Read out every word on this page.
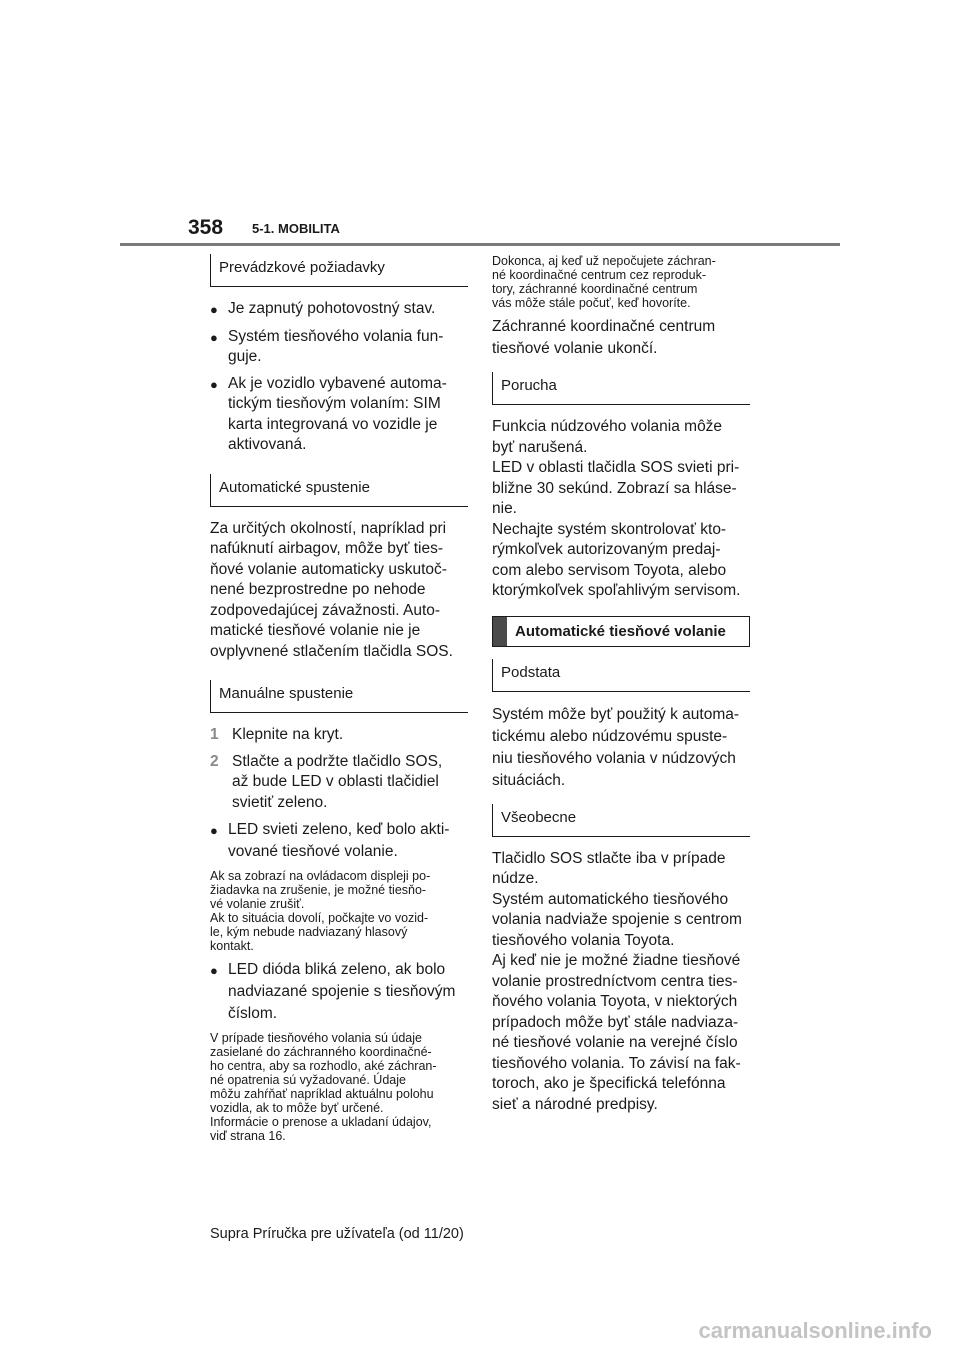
358 5-1. MOBILITA
Prevádzkové požiadavky
● Je zapnutý pohotovostný stav.
● Systém tiesňového volania fun-
guje.
● Ak je vozidlo vybavené automa-
tickým tiesňovým volaním: SIM
karta integrovaná vo vozidle je
aktivovaná.
Automatické spustenie

Za určitých okolností, napríklad pri
nafúknutí airbagov, môže byť ties-
ňové volanie automaticky uskutoč-
nené bezprostredne po nehode
zodpovedajúcej závažnosti. Auto-
matické tiesňové volanie nie je
ovplyvnené stlačením tlačidla SOS.

Manuálne spustenie
1 Klepnite na kryt.
2 Stlačte a podržte tlačidlo SOS,
až bude LED v oblasti tlačidiel
svietiť zeleno.
● LED svieti zeleno, keď bolo akti-
vované tiesňové volanie.

Ak sa zobrazí na ovládacom displeji po-
žiadavka na zrušenie, je možné tiesňo-
vé volanie zrušiť.

Ak to situácia dovolí, počkajte vo vozid-
le, kým nebude nadviazaný hlasový
kontakt.

● LED dióda bliká zeleno, ak bolo
nadviazané spojenie s tiesňovým
číslom.

V prípade tiesňového volania sú údaje
zasielané do záchranného koordinačné-
ho centra, aby sa rozhodlo, aké záchran-
né opatrenia sú vyžadované. Údaje
môžu zahŕňať napríklad aktuálnu polohu
vozidla, ak to môže byť určené.

Informácie o prenose a ukladaní údajov,
viď strana 16.

Dokonca, aj keď už nepočujete záchran-
né koordinačné centrum cez reproduk-
tory, záchranné koordinačné centrum
vás môže stále počuť, keď hovoríte.

Záchranné koordinačné centrum
tiesňové volanie ukončí.

Porucha

Funkcia núdzového volania môže
byť narušená.

LED v oblasti tlačidla SOS svieti pri-
bližne 30 sekúnd. Zobrazí sa hláse-
nie.

Nechajte systém skontrolovať kto-
rýmkoľvek autorizovaným predaj-
com alebo servisom Toyota, alebo
ktorýmkoľvek spoľahlivým servisom.

Automatické tiesňové volanie
Podstata

Systém môže byť použitý k automa-
tickému alebo núdzovému spuste-
niu tiesňového volania v núdzových
situáciách.

Všeobecne

Tlačidlo SOS stlačte iba v prípade
núdze.

Systém automatického tiesňového
volania nadviaže spojenie s centrom
tiesňového volania Toyota.

Aj keď nie je možné žiadne tiesňové
volanie prostredníctvom centra ties-
ňového volania Toyota, v niektorých
prípadoch môže byť stále nadviaza-
né tiesňové volanie na verejné číslo
tiesňového volania. To závisí na fak-
toroch, ako je špecifická telefónna
sieť a národné predpisy.

Supra Príručka pre užívateľa (od 11/20)
carmanualsonline.info
